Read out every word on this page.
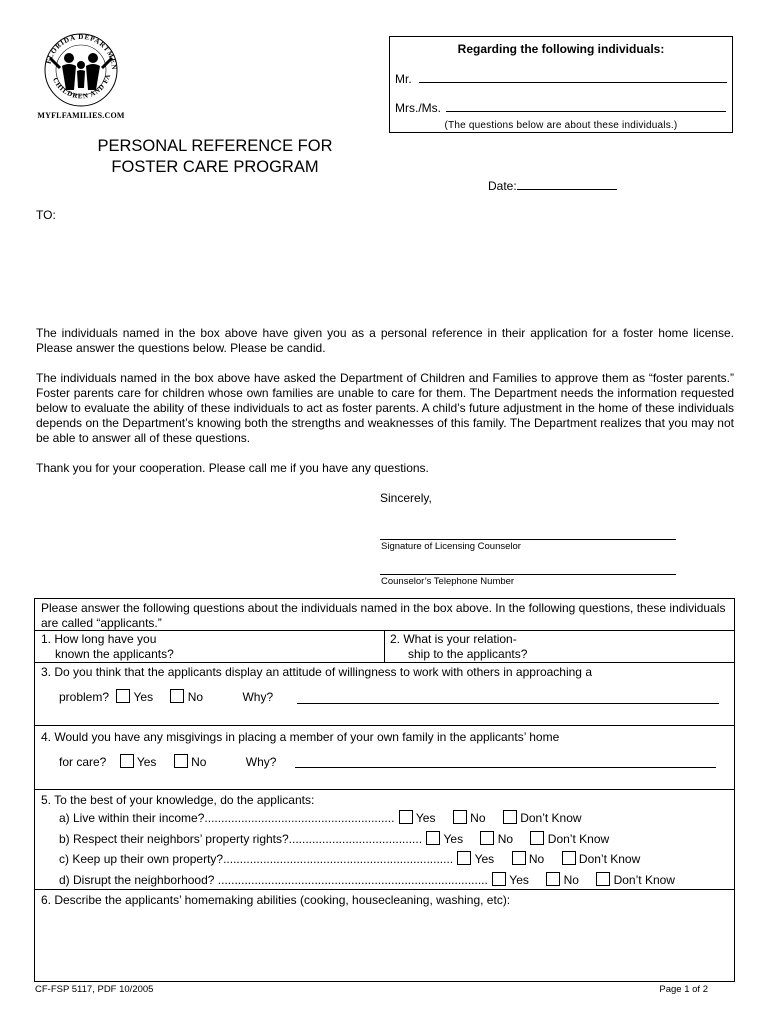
FLORIDA DEPARTMEN
CHILDREN AND FA
MYFLFAMILIES.COM
Regarding the following individuals:
Mr.
Mrs./Ms.
(The questions below are about these individuals.)
PERSONAL REFERENCE FOR
FOSTER CARE PROGRAM
Date:
TO:
The individuals named in the box above have given you as a personal reference in their application for a foster home license. Please answer the questions below. Please be candid.
The individuals named in the box above have asked the Department of Children and Families to approve them as “foster parents.” Foster parents care for children whose own families are unable to care for them. The Department needs the information requested below to evaluate the ability of these individuals to act as foster parents. A child’s future adjustment in the home of these individuals depends on the Department’s knowing both the strengths and weaknesses of this family. The Department realizes that you may not be able to answer all of these questions.
Thank you for your cooperation. Please call me if you have any questions.
Sincerely,
Signature of Licensing Counselor
Counselor’s Telephone Number
Please answer the following questions about the individuals named in the box above. In the following questions, these individuals are called “applicants.”
1. How long have you
known the applicants?
2. What is your relation-
ship to the applicants?
3. Do you think that the applicants display an attitude of willingness to work with others in approaching a
problem? Yes	No	Why?
4. Would you have any misgivings in placing a member of your own family in the applicants’ home
for care?	Yes	No	Why?
5. To the best of your knowledge, do the applicants:
a) Live within their income?......................................................... Yes	No	Don’t Know
b) Respect their neighbors’ property rights?........................................ Yes	No	Don’t Know
c) Keep up their own property?..................................................................... Yes	No	Don’t Know
d) Disrupt the neighborhood? ................................................................................. Yes	No	Don’t Know
6. Describe the applicants’ homemaking abilities (cooking, housecleaning, washing, etc):
CF-FSP 5117, PDF 10/2005	Page 1 of 2
